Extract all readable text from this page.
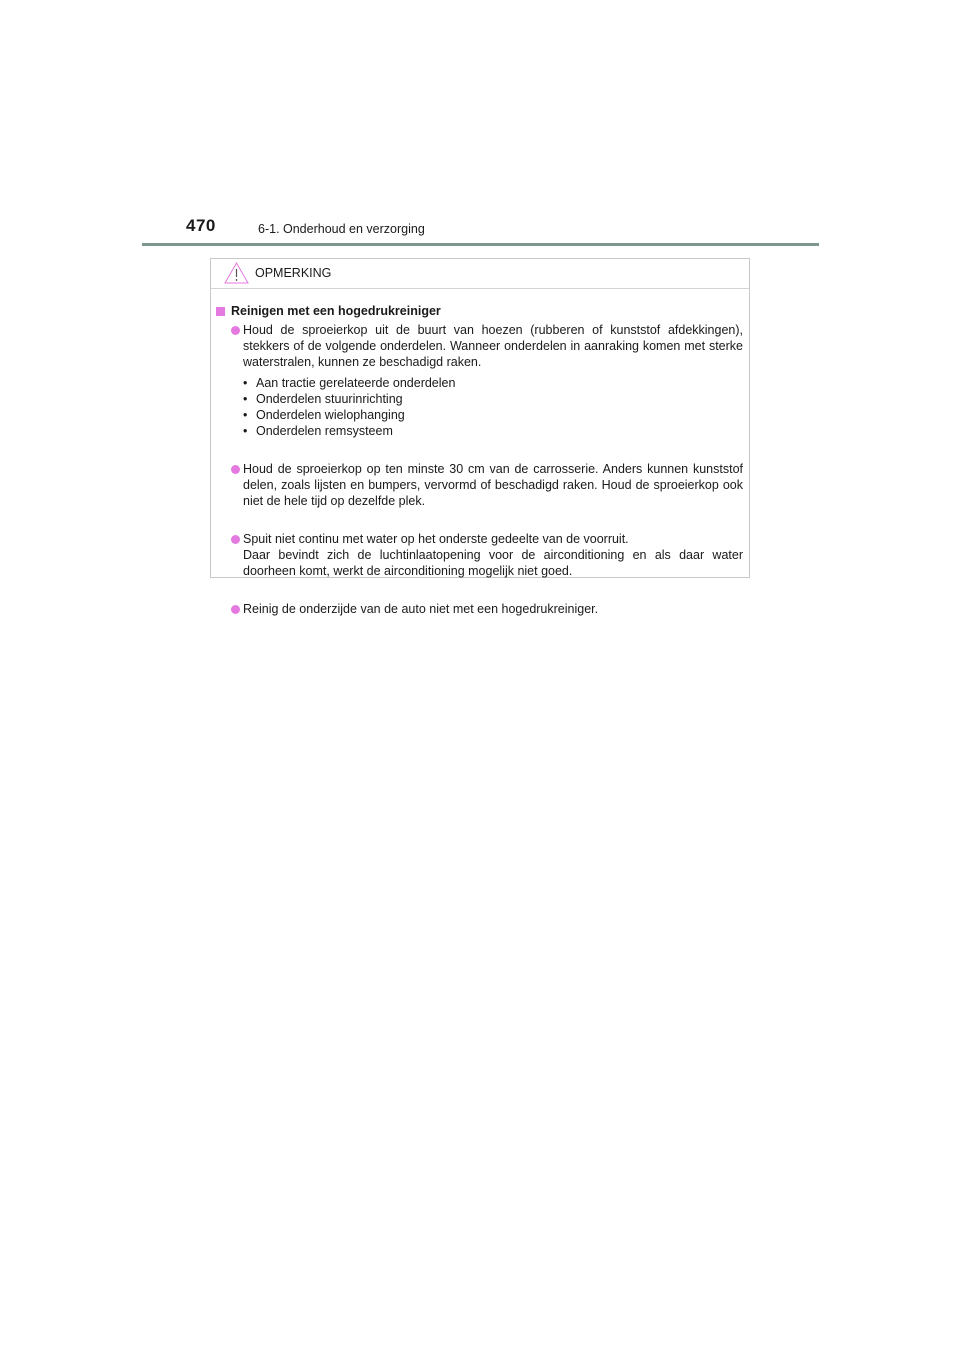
470	6-1. Onderhoud en verzorging
OPMERKING
Reinigen met een hogedrukreiniger

Houd de sproeierkop uit de buurt van hoezen (rubberen of kunststof afdekkingen), stekkers of de volgende onderdelen. Wanneer onderdelen in aanraking komen met sterke waterstralen, kunnen ze beschadigd raken.

• Aan tractie gerelateerde onderdelen
• Onderdelen stuurinrichting
• Onderdelen wielophanging
• Onderdelen remsysteem

Houd de sproeierkop op ten minste 30 cm van de carrosserie. Anders kunnen kunststof delen, zoals lijsten en bumpers, vervormd of beschadigd raken. Houd de sproeierkop ook niet de hele tijd op dezelfde plek.

Spuit niet continu met water op het onderste gedeelte van de voorruit.

Daar bevindt zich de luchtinlaatopening voor de airconditioning en als daar water doorheen komt, werkt de airconditioning mogelijk niet goed.

Reinig de onderzijde van de auto niet met een hogedrukreiniger.
